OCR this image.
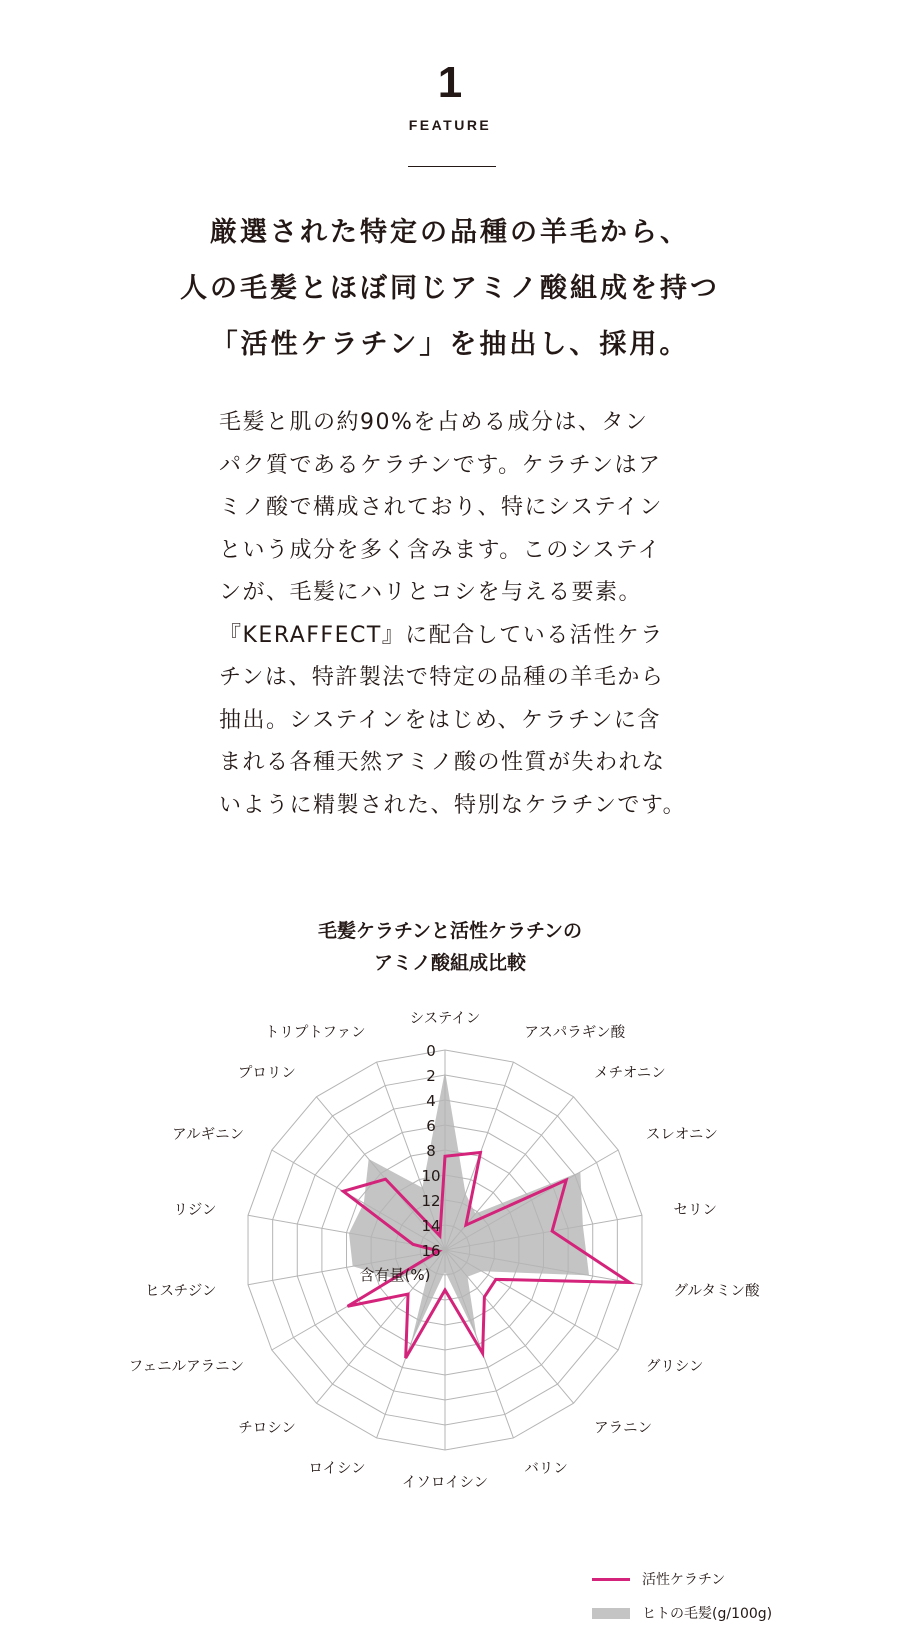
1
FEATURE
厳選された特定の品種の羊毛から、
人の毛髪とほぼ同じアミノ酸組成を持つ
「活性ケラチン」を抽出し、採用。
毛髪と肌の約90%を占める成分は、タン
パク質であるケラチンです。ケラチンはア
ミノ酸で構成されており、特にシステイン
という成分を多く含みます。このシステイ
ンが、毛髪にハリとコシを与える要素。
『KERAFFECT』に配合している活性ケラ
チンは、特許製法で特定の品種の羊毛から
抽出。システインをはじめ、ケラチンに含
まれる各種天然アミノ酸の性質が失われな
いように精製された、特別なケラチンです。
毛髪ケラチンと活性ケラチンの
アミノ酸組成比較
0
2
4
6
8
10
12
14
16
含有量(%)
システイン
アスパラギン酸
メチオニン
スレオニン
セリン
グルタミン酸
グリシン
アラニン
バリン
イソロイシン
ロイシン
チロシン
フェニルアラニン
ヒスチジン
リジン
アルギニン
プロリン
トリプトファン
活性ケラチン
ヒトの毛髪(g/100g)
